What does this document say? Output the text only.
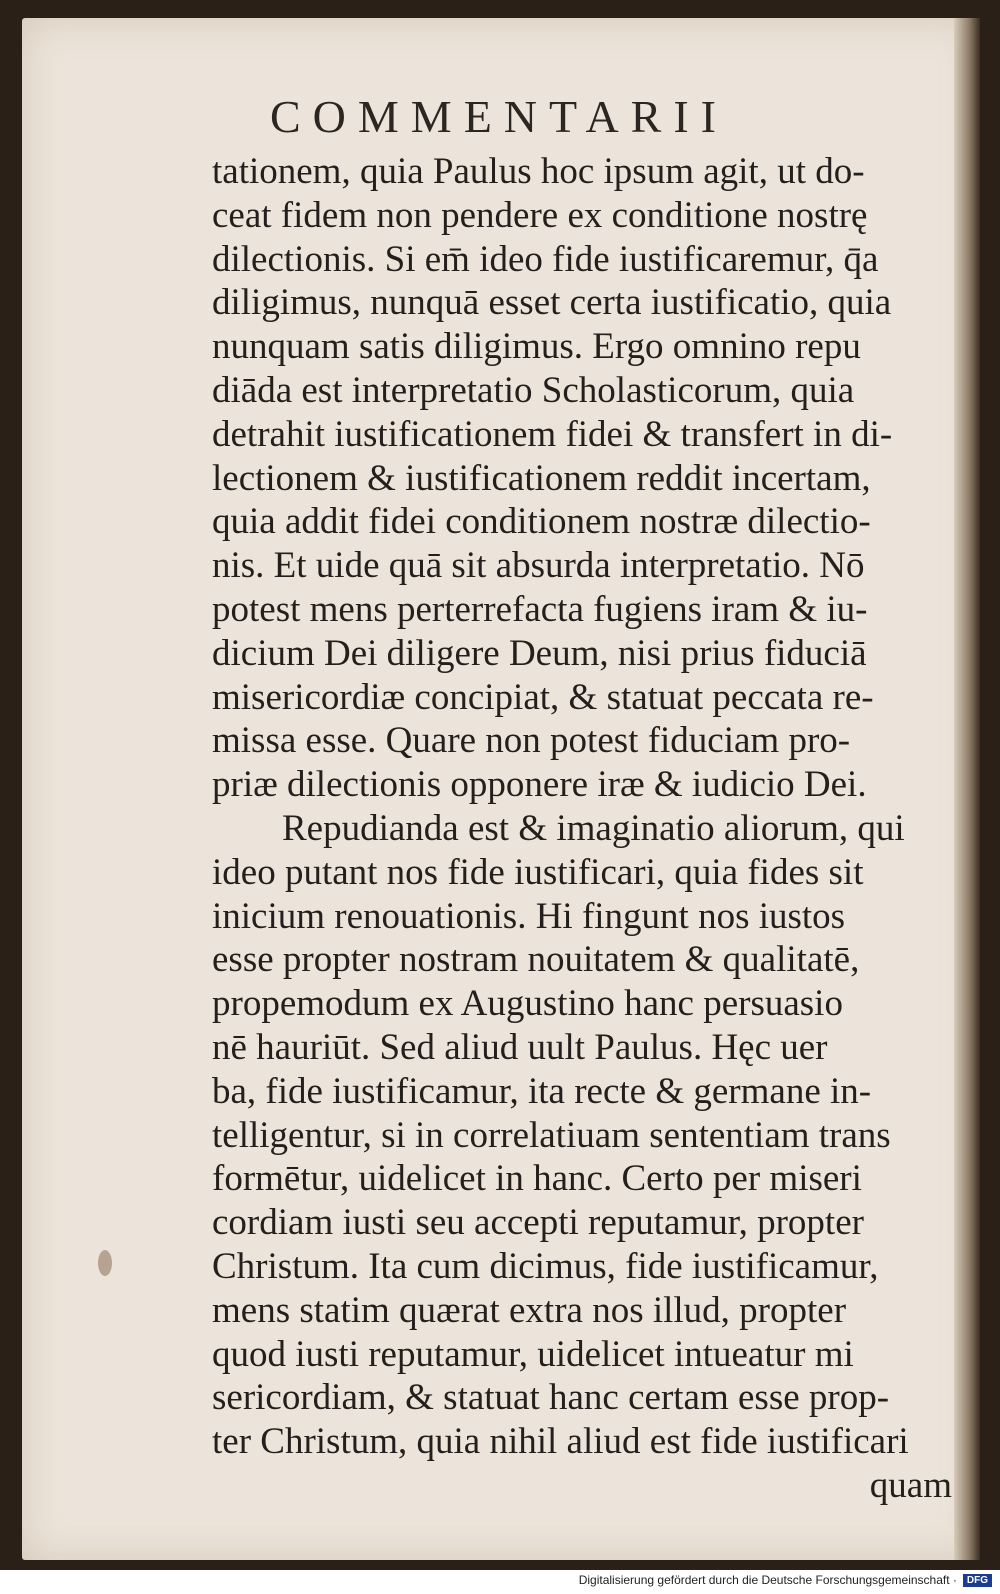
COMMENTARII
tationem, quia Paulus hoc ipsum agit, ut do-
ceat fidem non pendere ex conditione nostrę
dilectionis. Si em̄ ideo fide iustificaremur, q̄a
diligimus, nunquā esset certa iustificatio, quia
nunquam satis diligimus. Ergo omnino repu
diāda est interpretatio Scholasticorum, quia
detrahit iustificationem fidei & transfert in di-
lectionem & iustificationem reddit incertam,
quia addit fidei conditionem nostræ dilectio-
nis. Et uide quā sit absurda interpretatio. Nō
potest mens perterrefacta fugiens iram & iu-
dicium Dei diligere Deum, nisi prius fiduciā
misericordiæ concipiat, & statuat peccata re-
missa esse. Quare non potest fiduciam pro-
priæ dilectionis opponere iræ & iudicio Dei.
Repudianda est & imaginatio aliorum, qui
ideo putant nos fide iustificari, quia fides sit
inicium renouationis. Hi fingunt nos iustos
esse propter nostram nouitatem & qualitatē,
propemodum ex Augustino hanc persuasio
nē hauriūt. Sed aliud uult Paulus. Hęc uer
ba, fide iustificamur, ita recte & germane in-
telligentur, si in correlatiuam sententiam trans
formētur, uidelicet in hanc. Certo per miseri
cordiam iusti seu accepti reputamur, propter
Christum. Ita cum dicimus, fide iustificamur,
mens statim quærat extra nos illud, propter
quod iusti reputamur, uidelicet intueatur mi
sericordiam, & statuat hanc certam esse prop-
ter Christum, quia nihil aliud est fide iustificari
quam
Digitalisierung gefördert durch die Deutsche Forschungsgemeinschaft ·	DFG
